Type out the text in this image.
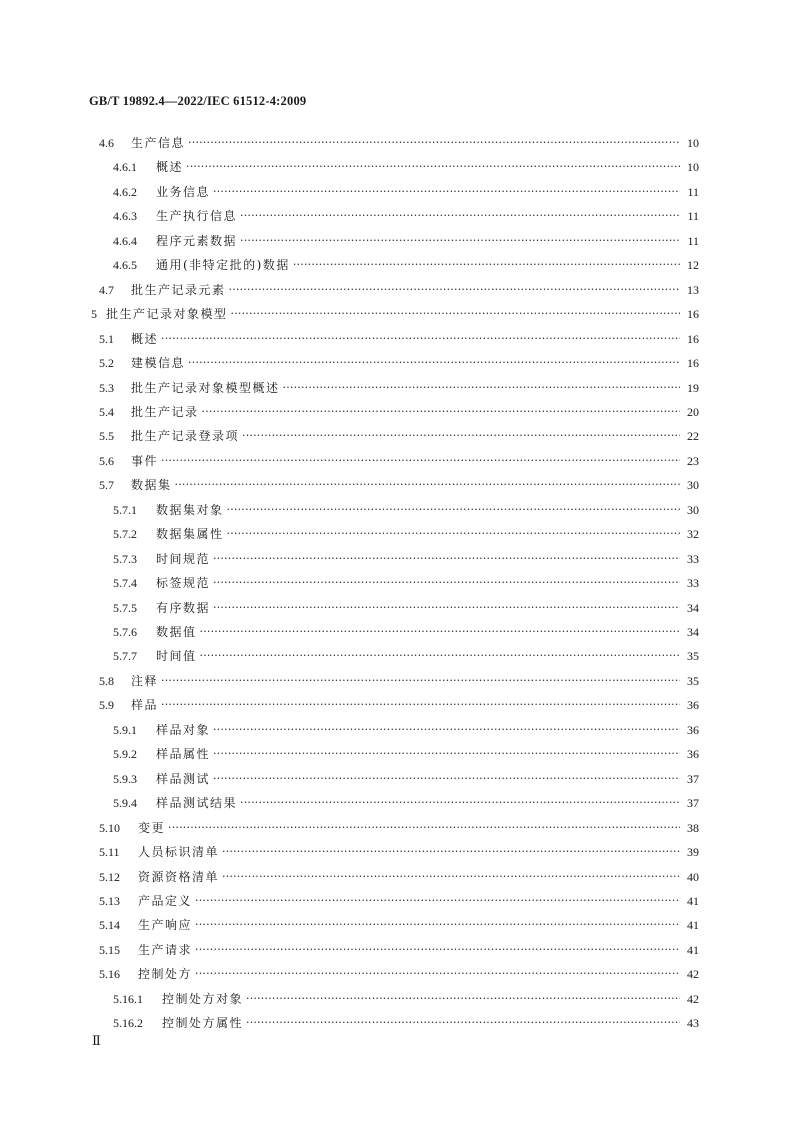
GB/T 19892.4—2022/IEC 61512-4:2009
4.6	生产信息 ·····	10
4.6.1	概述 ·····	10
4.6.2	业务信息 ·····	11
4.6.3	生产执行信息 ·····	11
4.6.4	程序元素数据 ·····	11
4.6.5	通用(非特定批的)数据 ·····	12
4.7	批生产记录元素 ·····	13
5 批生产记录对象模型 ·····	16
5.1	概述 ·····	16
5.2	建模信息 ·····	16
5.3	批生产记录对象模型概述 ·····	19
5.4	批生产记录 ·····	20
5.5	批生产记录登录项 ·····	22
5.6	事件 ·····	23
5.7	数据集 ·····	30
5.7.1	数据集对象 ·····	30
5.7.2	数据集属性 ·····	32
5.7.3	时间规范 ·····	33
5.7.4	标签规范 ·····	33
5.7.5	有序数据 ·····	34
5.7.6	数据值 ·····	34
5.7.7	时间值 ·····	35
5.8	注释 ·····	35
5.9	样品 ·····	36
5.9.1	样品对象 ·····	36
5.9.2	样品属性 ·····	36
5.9.3	样品测试 ·····	37
5.9.4	样品测试结果 ·····	37
5.10	变更 ·····	38
5.11	人员标识清单 ·····	39
5.12	资源资格清单 ·····	40
5.13	产品定义 ·····	41
5.14	生产响应 ·····	41
5.15	生产请求 ·····	41
5.16	控制处方 ·····	42
5.16.1	控制处方对象 ·····	42
5.16.2	控制处方属性 ·····	43
Ⅱ
